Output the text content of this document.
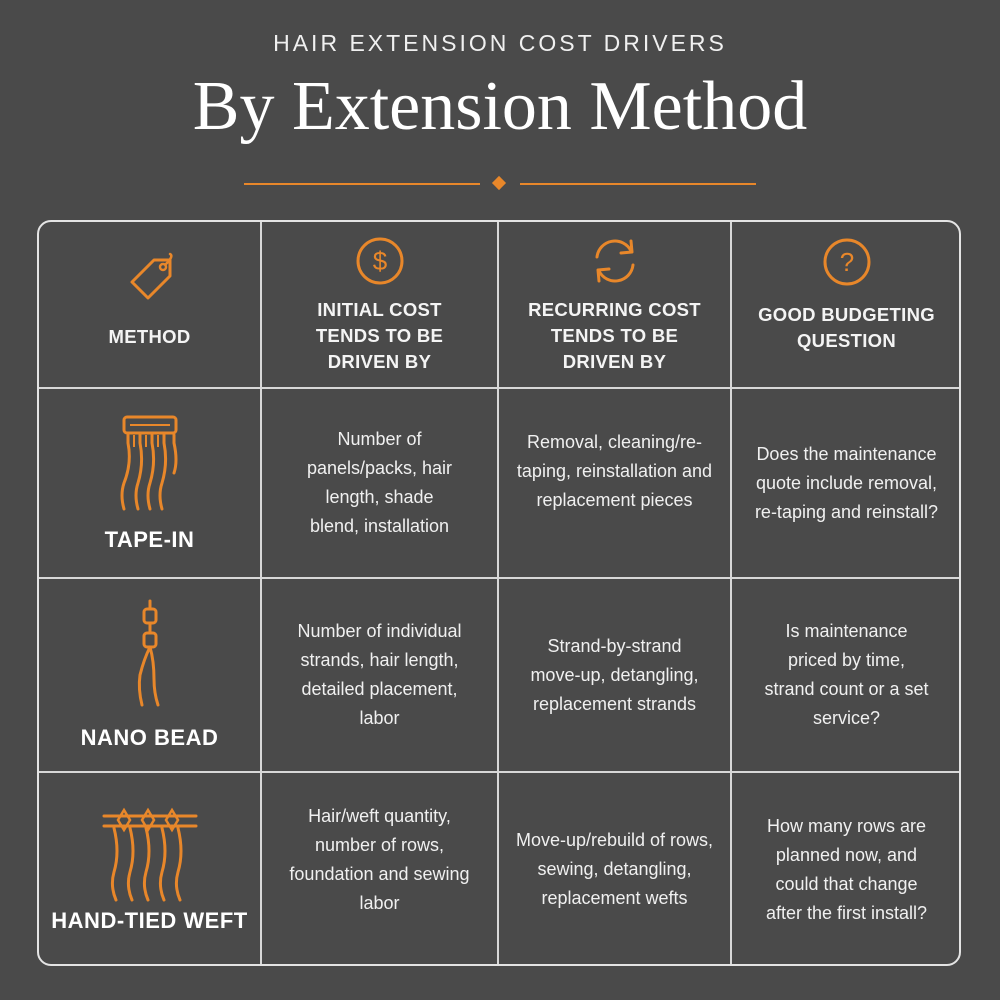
HAIR EXTENSION COST DRIVERS
By Extension Method
METHOD
$
INITIAL COST TENDS TO BE DRIVEN BY
RECURRING COST TENDS TO BE DRIVEN BY
?
GOOD BUDGETING QUESTION
TAPE-IN
Number of panels/packs, hair length, shade blend, installation
Removal, cleaning/re-taping, reinstallation and replacement pieces
Does the maintenance quote include removal, re-taping and reinstall?
NANO BEAD
Number of individual strands, hair length, detailed placement, labor
Strand-by-strand move-up, detangling, replacement strands
Is maintenance priced by time, strand count or a set service?
HAND-TIED WEFT
Hair/weft quantity, number of rows, foundation and sewing labor
Move-up/rebuild of rows, sewing, detangling, replacement wefts
How many rows are planned now, and could that change after the first install?
